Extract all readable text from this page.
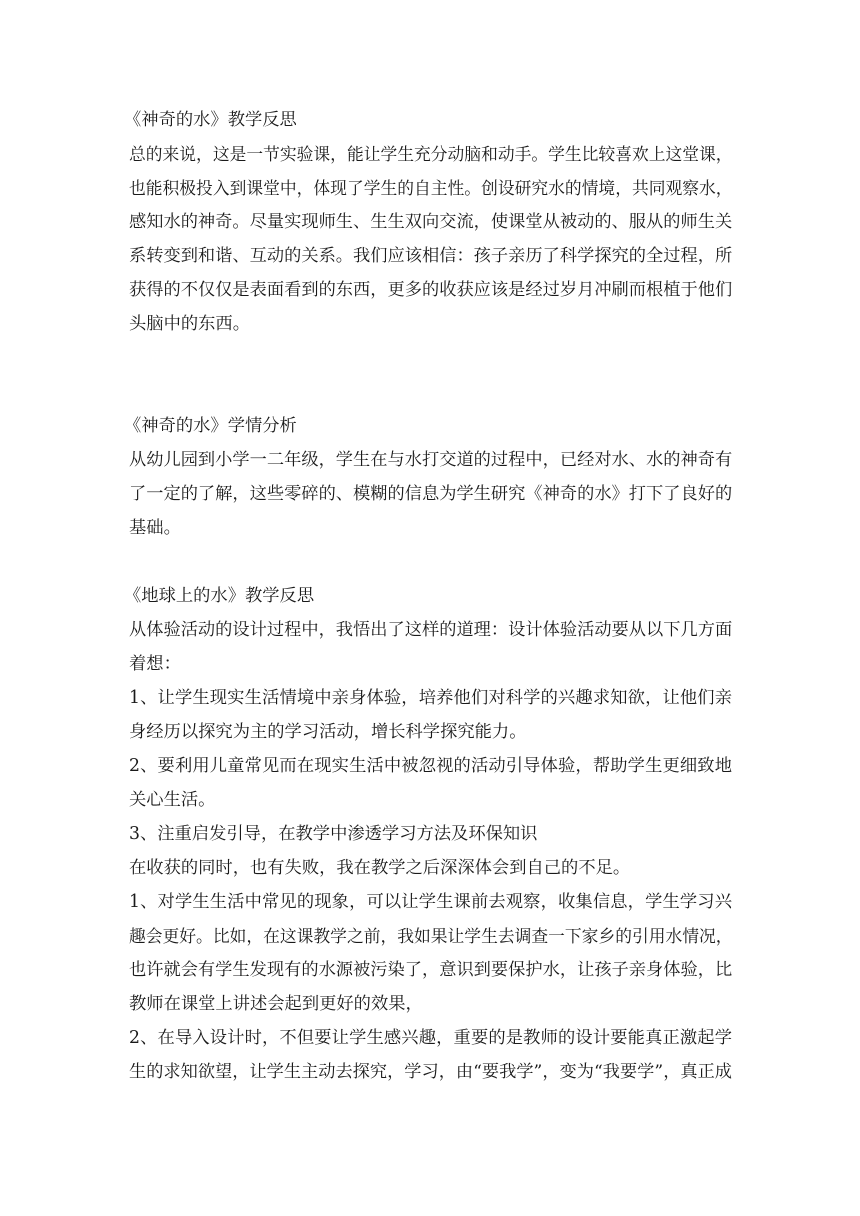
《神奇的水》教学反思
总的来说，这是一节实验课，能让学生充分动脑和动手。学生比较喜欢上这堂课，
也能积极投入到课堂中，体现了学生的自主性。创设研究水的情境，共同观察水，
感知水的神奇。尽量实现师生、生生双向交流，使课堂从被动的、服从的师生关
系转变到和谐、互动的关系。我们应该相信：孩子亲历了科学探究的全过程，所
获得的不仅仅是表面看到的东西，更多的收获应该是经过岁月冲刷而根植于他们
头脑中的东西。
《神奇的水》学情分析
从幼儿园到小学一二年级，学生在与水打交道的过程中，已经对水、水的神奇有
了一定的了解，这些零碎的、模糊的信息为学生研究《神奇的水》打下了良好的
基础。
《地球上的水》教学反思
从体验活动的设计过程中，我悟出了这样的道理：设计体验活动要从以下几方面
着想：
1、让学生现实生活情境中亲身体验，培养他们对科学的兴趣求知欲，让他们亲
身经历以探究为主的学习活动，增长科学探究能力。
2、要利用儿童常见而在现实生活中被忽视的活动引导体验，帮助学生更细致地
关心生活。
3、注重启发引导，在教学中渗透学习方法及环保知识
在收获的同时，也有失败，我在教学之后深深体会到自己的不足。
1、对学生生活中常见的现象，可以让学生课前去观察，收集信息，学生学习兴
趣会更好。比如，在这课教学之前，我如果让学生去调查一下家乡的引用水情况，
也许就会有学生发现有的水源被污染了，意识到要保护水，让孩子亲身体验，比
教师在课堂上讲述会起到更好的效果，
2、在导入设计时，不但要让学生感兴趣，重要的是教师的设计要能真正激起学
生的求知欲望，让学生主动去探究，学习，由“要我学”，变为“我要学”，真正成
